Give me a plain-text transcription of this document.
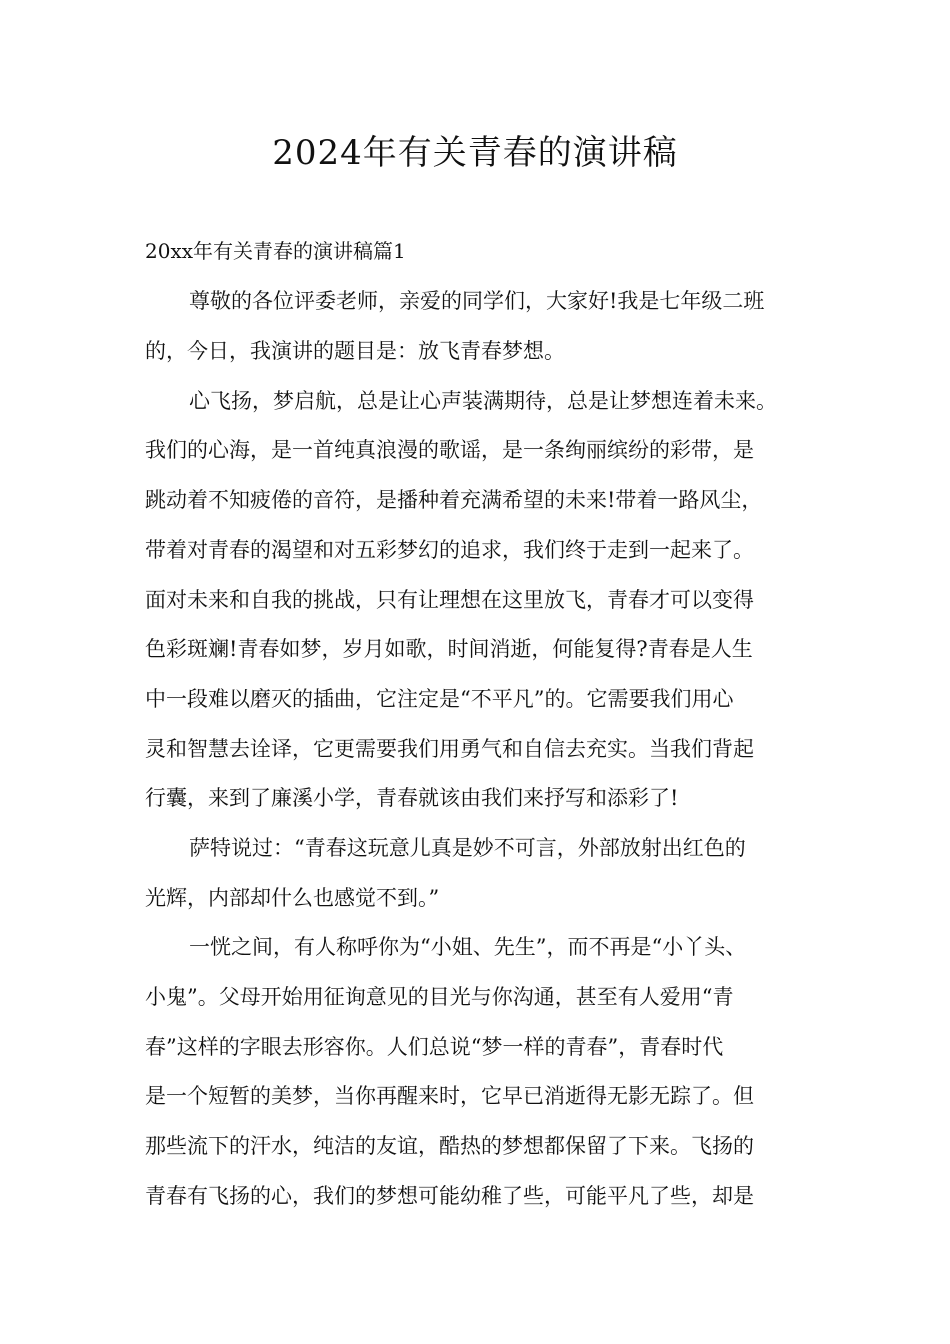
2024年有关青春的演讲稿

20xx年有关青春的演讲稿篇1

尊敬的各位评委老师，亲爱的同学们，大家好!我是七年级二班

的，今日，我演讲的题目是：放飞青春梦想。

心飞扬，梦启航，总是让心声装满期待，总是让梦想连着未来。

我们的心海，是一首纯真浪漫的歌谣，是一条绚丽缤纷的彩带，是

跳动着不知疲倦的音符，是播种着充满希望的未来!带着一路风尘，

带着对青春的渴望和对五彩梦幻的追求，我们终于走到一起来了。

面对未来和自我的挑战，只有让理想在这里放飞，青春才可以变得

色彩斑斓!青春如梦，岁月如歌，时间消逝，何能复得?青春是人生

中一段难以磨灭的插曲，它注定是“不平凡”的。它需要我们用心

灵和智慧去诠译，它更需要我们用勇气和自信去充实。当我们背起

行囊，来到了廉溪小学，青春就该由我们来抒写和添彩了!

萨特说过：“青春这玩意儿真是妙不可言，外部放射出红色的

光辉，内部却什么也感觉不到。”

一恍之间，有人称呼你为“小姐、先生”，而不再是“小丫头、

小鬼”。父母开始用征询意见的目光与你沟通，甚至有人爱用“青

春”这样的字眼去形容你。人们总说“梦一样的青春”，青春时代

是一个短暂的美梦，当你再醒来时，它早已消逝得无影无踪了。但

那些流下的汗水，纯洁的友谊，酷热的梦想都保留了下来。飞扬的

青春有飞扬的心，我们的梦想可能幼稚了些，可能平凡了些，却是
